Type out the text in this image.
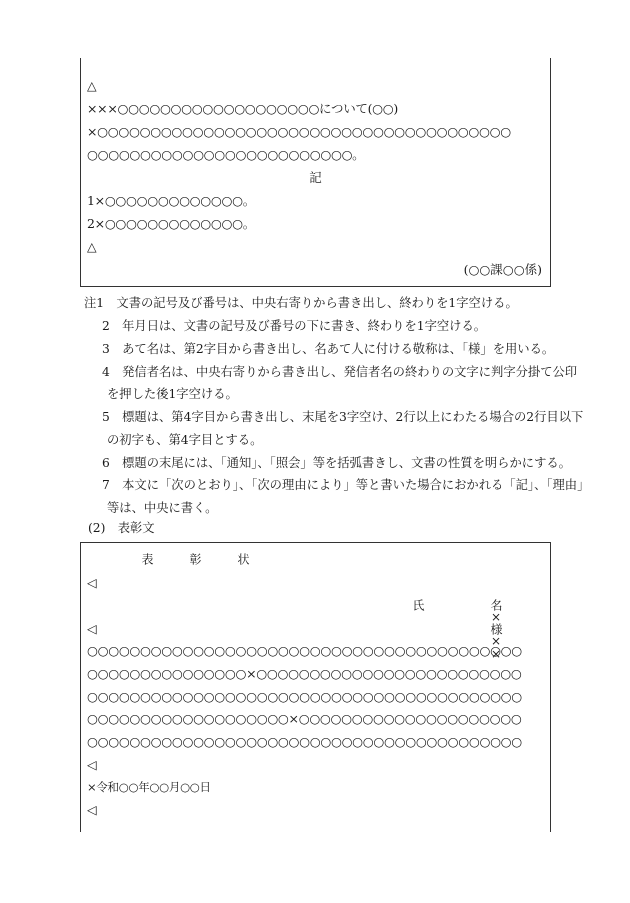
△
×××○○○○○○○○○○○○○○○○○○○について(○○)
×○○○○○○○○○○○○○○○○○○○○○○○○○○○○○○○○○○○○○○○
○○○○○○○○○○○○○○○○○○○○○○○○○。
記
1×○○○○○○○○○○○○○。
2×○○○○○○○○○○○○○。
△
(○○課○○係)
注1　文書の記号及び番号は、中央右寄りから書き出し、終わりを1字空ける。
2　年月日は、文書の記号及び番号の下に書き、終わりを1字空ける。
3　あて名は、第2字目から書き出し、名あて人に付ける敬称は、「様」を用いる。
4　発信者名は、中央右寄りから書き出し、発信者名の終わりの文字に判字分掛て公印
を押した後1字空ける。
5　標題は、第4字目から書き出し、末尾を3字空け、2行以上にわたる場合の2行目以下
の初字も、第4字目とする。
6　標題の末尾には、「通知」、「照会」等を括弧書きし、文書の性質を明らかにする。
7　本文に「次のとおり」、「次の理由により」等と書いた場合におかれる「記」、「理由」
等は、中央に書く。
(2)　表彰文
表	彰	状
◁
氏	名×様××
◁
○○○○○○○○○○○○○○○○○○○○○○○○○○○○○○○○○○○○○○○○○
○○○○○○○○○○○○○○○×○○○○○○○○○○○○○○○○○○○○○○○○○
○○○○○○○○○○○○○○○○○○○○○○○○○○○○○○○○○○○○○○○○○
○○○○○○○○○○○○○○○○○○○×○○○○○○○○○○○○○○○○○○○○○
○○○○○○○○○○○○○○○○○○○○○○○○○○○○○○○○○○○○○○○○○
◁
×令和○○年○○月○○日
◁
